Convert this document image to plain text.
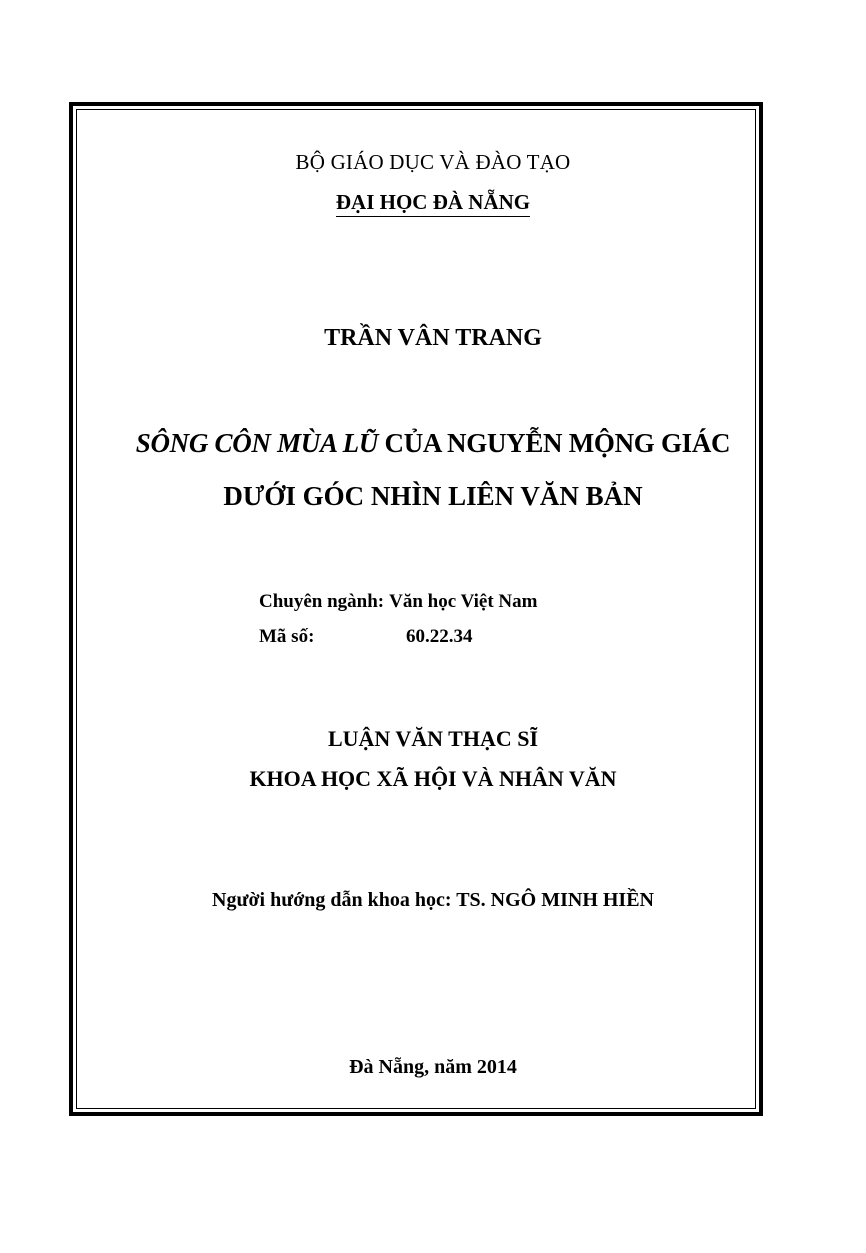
BỘ GIÁO DỤC VÀ ĐÀO TẠO
ĐẠI HỌC ĐÀ NẴNG
TRẦN VÂN TRANG
SÔNG CÔN MÙA LŨ CỦA NGUYỄN MỘNG GIÁC
DƯỚI GÓC NHÌN LIÊN VĂN BẢN
Chuyên ngành: Văn học Việt Nam
Mã số:	60.22.34
LUẬN VĂN THẠC SĨ
KHOA HỌC XÃ HỘI VÀ NHÂN VĂN
Người hướng dẫn khoa học: TS. NGÔ MINH HIỀN
Đà Nẵng, năm 2014
